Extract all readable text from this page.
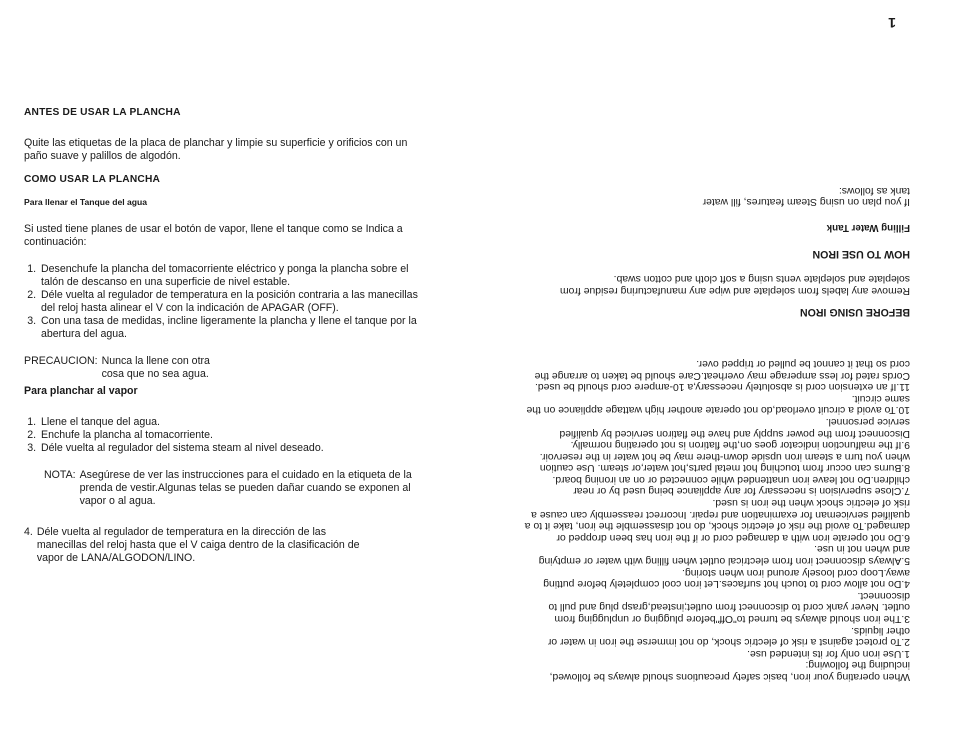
ANTES DE USAR LA PLANCHA

Quite las etiquetas de la placa de planchar y limpie su superficie y orificios con un paño suave y palillos de algodón.

COMO USAR LA PLANCHA

Para llenar el Tanque del agua

Si usted tiene planes de usar el botón de vapor, llene el tanque como se Indica a continuación:

1. Desenchufe la plancha del tomacorriente eléctrico y ponga la plancha sobre el talón de descanso en una superficie de nivel estable.
2. Déle vuelta al regulador de temperatura en la posición contraria a las manecillas del reloj hasta alinear el V con la indicación de APAGAR (OFF).
3. Con una tasa de medidas, incline ligeramente la plancha y llene el tanque por la abertura del agua.
PRECAUCION: Nunca la llene con otra cosa que no sea agua.

Para planchar al vapor

1. Llene el tanque del agua.
2. Enchufe la plancha al tomacorriente.
3. Déle vuelta al regulador del sistema steam al nivel deseado.
NOTA: Asegúrese de ver las instrucciones para el cuidado en la etiqueta de la prenda de vestir.Algunas telas se pueden dañar cuando se exponen al vapor o al agua.
4. Déle vuelta al regulador de temperatura en la dirección de las manecillas del reloj hasta que el V caiga dentro de la clasificación de vapor de LANA/ALGODON/LINO.

When operating your iron, basic safety precautions should always be followed, including the following:

1.Use iron only for its intended use.

2.To protect against a risk of electric shock, do not immerse the iron in water or other liquids.

3.The iron should always be turned to"Off"before plugging or unplugging from outlet. Never yank cord to disconnect from outlet;instead,grasp plug and pull to disconnect.

4.Do not allow cord to touch hot surfaces.Let iron cool completely before putting away.Loop cord loosely around iron when storing.

5.Always disconnect iron from electrical outlet when filling with water or emptying and when not in use.

6.Do not operate iron with a damaged cord or if the iron has been dropped or damaged.To avoid the risk of electric shock, do not disassemble the iron, take it to a qualified serviceman for examination and repair. Incorrect reassembly can cause a risk of electric shock when the iron is used.

7.Close supervision is necessary for any appliance being used by or near children.Do not leave iron unattended while connected or on an ironing board.

8.Burns can occur from touching hot metal parts,hot water,or steam. Use caution when you turn a steam iron upside down-there may be hot water in the reservoir.

9.If the malfunction indicator goes on,the flatiron is not operating normally. Disconnect from the power supply and have the flatiron serviced by qualified service personnel.

10.To avoid a circuit overload,do not operate another high wattage appliance on the same circuit.

11.If an extension cord is absolutely necessary,a 10-ampere cord should be used. Cords rated for less amperage may overheat.Care should be taken to arrange the cord so that it cannot be pulled or tripped over.

BEFORE USING IRON

Remove any labels from soleplate and wipe any manufacturing residue from soleplate and soleplate vents using a soft cloth and cotton swab.

HOW TO USE IRON

Filling Water Tank

If you plan on using Steam features, fill water tank as follows:

1
